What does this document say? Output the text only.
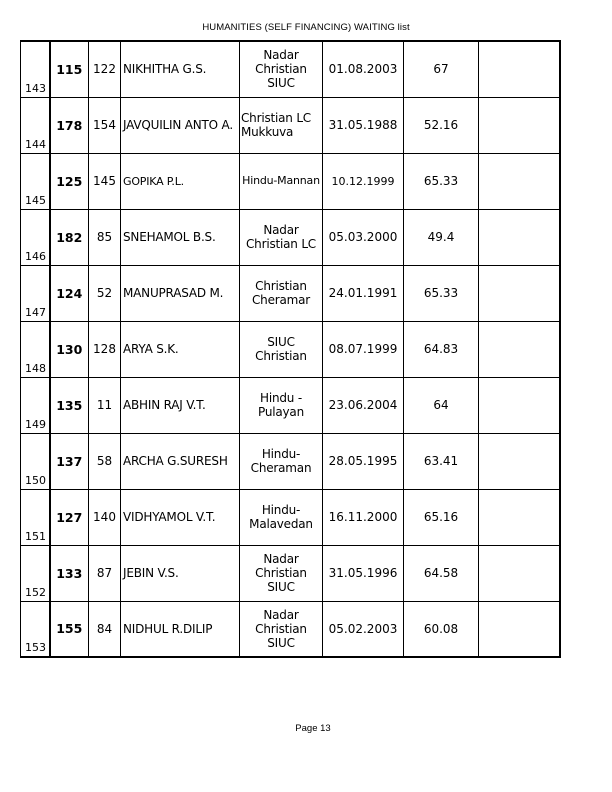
HUMANITIES (SELF FINANCING) WAITING list
143	115	122	NIKHITHA G.S.	Nadar Christian SIUC	01.08.2003	67	
144	178	154	JAVQUILIN ANTO A.	Christian LC Mukkuva	31.05.1988	52.16	
145	125	145	GOPIKA P.L.	Hindu-Mannan	10.12.1999	65.33	
146	182	85	SNEHAMOL B.S.	Nadar Christian LC	05.03.2000	49.4	
147	124	52	MANUPRASAD M.	Christian Cheramar	24.01.1991	65.33	
148	130	128	ARYA S.K.	SIUC Christian	08.07.1999	64.83	
149	135	11	ABHIN RAJ V.T.	Hindu - Pulayan	23.06.2004	64	
150	137	58	ARCHA G.SURESH	Hindu-Cheraman	28.05.1995	63.41	
151	127	140	VIDHYAMOL V.T.	Hindu-Malavedan	16.11.2000	65.16	
152	133	87	JEBIN V.S.	Nadar Christian SIUC	31.05.1996	64.58	
153	155	84	NIDHUL R.DILIP	Nadar Christian SIUC	05.02.2003	60.08	
Page 13
